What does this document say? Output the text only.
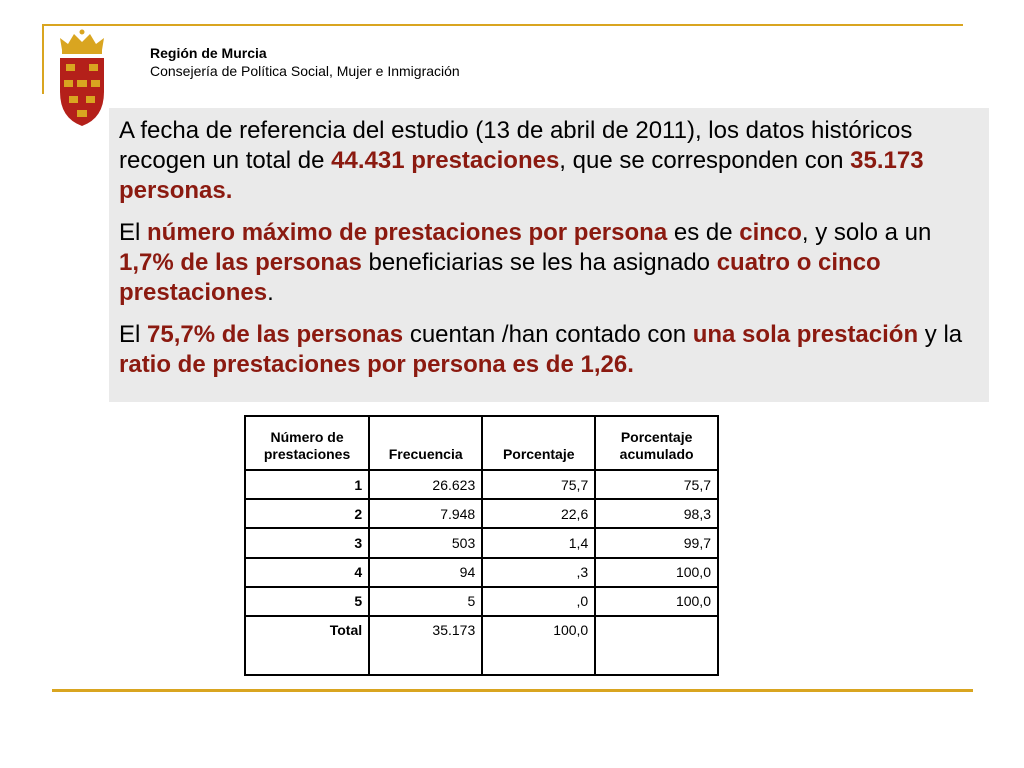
Región de Murcia
Consejería de Política Social, Mujer e Inmigración

A fecha de referencia del estudio (13 de abril de 2011), los datos históricos recogen un total de 44.431 prestaciones, que se corresponden con 35.173 personas.

El número máximo de prestaciones por persona es de cinco, y solo a un 1,7% de las personas beneficiarias se les ha asignado cuatro o cinco prestaciones.

El 75,7% de las personas cuentan /han contado con una sola prestación y la ratio de prestaciones por persona es de 1,26.

Número de prestaciones	Frecuencia	Porcentaje	Porcentaje acumulado
1	26.623	75,7	75,7
2	7.948	22,6	98,3
3	503	1,4	99,7
4	94	,3	100,0
5	5	,0	100,0
Total	35.173	100,0	
